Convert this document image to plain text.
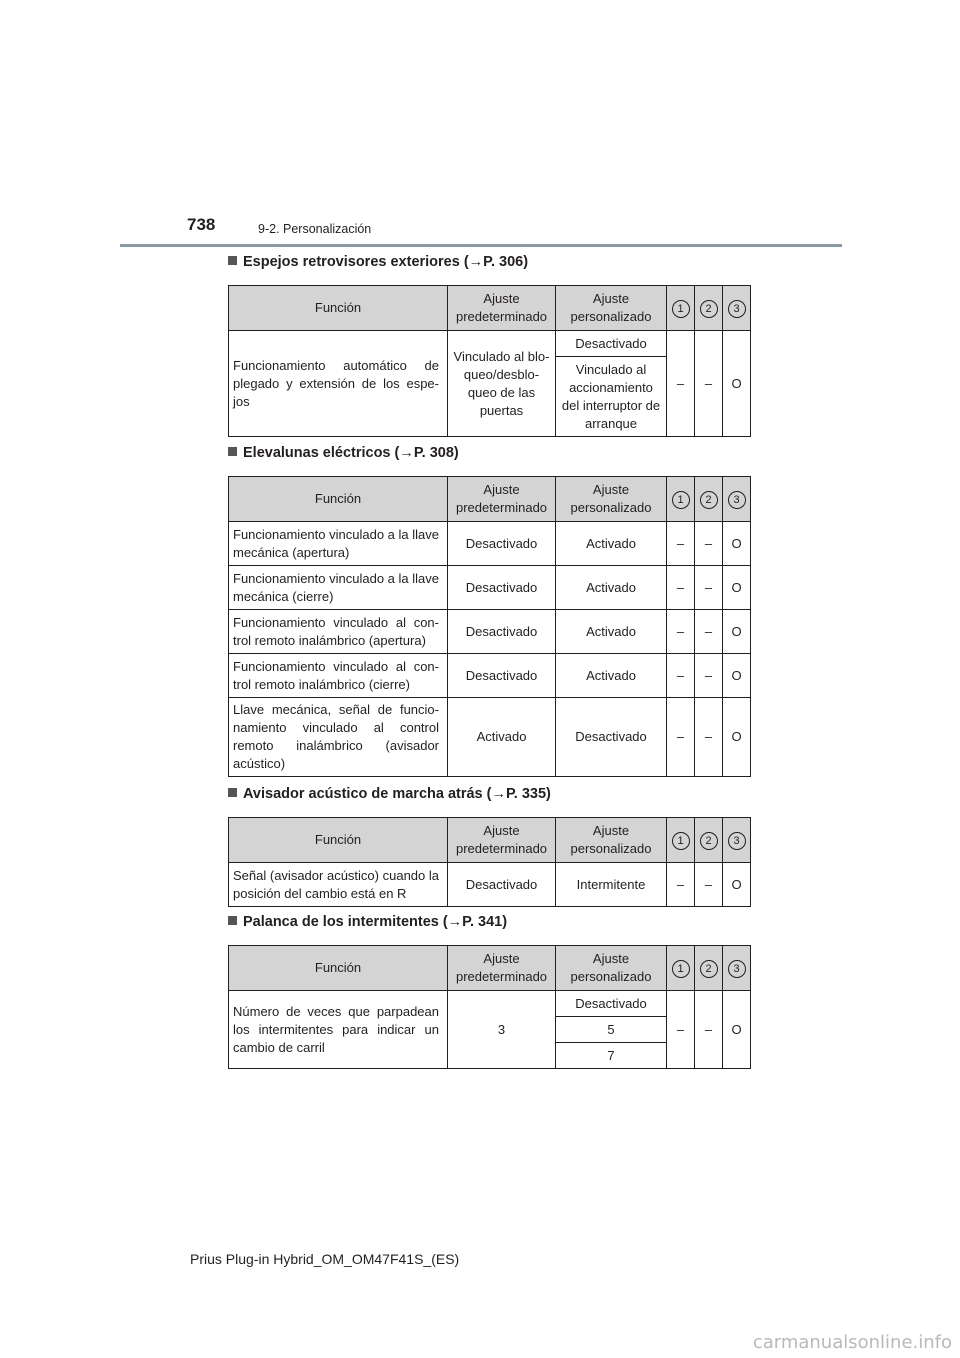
738	9-2. Personalización
Espejos retrovisores exteriores (→P. 306)
Función	Ajuste predeterminado	Ajuste personalizado	1	2	3
Funcionamiento automático de plegado y extensión de los espe-jos	Vinculado al blo-queo/desblo-queo de las puertas	Desactivado	–	–	O
		Vinculado al accionamiento del interruptor de arranque			
Elevalunas eléctricos (→P. 308)
Función	Ajuste predeterminado	Ajuste personalizado	1	2	3
Funcionamiento vinculado a la llave mecánica (apertura)	Desactivado	Activado	–	–	O
Funcionamiento vinculado a la llave mecánica (cierre)	Desactivado	Activado	–	–	O
Funcionamiento vinculado al con-trol remoto inalámbrico (apertura)	Desactivado	Activado	–	–	O
Funcionamiento vinculado al con-trol remoto inalámbrico (cierre)	Desactivado	Activado	–	–	O
Llave mecánica, señal de funcio-namiento vinculado al control remoto inalámbrico (avisador acústico)	Activado	Desactivado	–	–	O
Avisador acústico de marcha atrás (→P. 335)
Función	Ajuste predeterminado	Ajuste personalizado	1	2	3
Señal (avisador acústico) cuando la posición del cambio está en R	Desactivado	Intermitente	–	–	O
Palanca de los intermitentes (→P. 341)
Función	Ajuste predeterminado	Ajuste personalizado	1	2	3
Número de veces que parpadean los intermitentes para indicar un cambio de carril	3	Desactivado	–	–	O
		5			
		7			
Prius Plug-in Hybrid_OM_OM47F41S_(ES)
carmanualsonline.info
